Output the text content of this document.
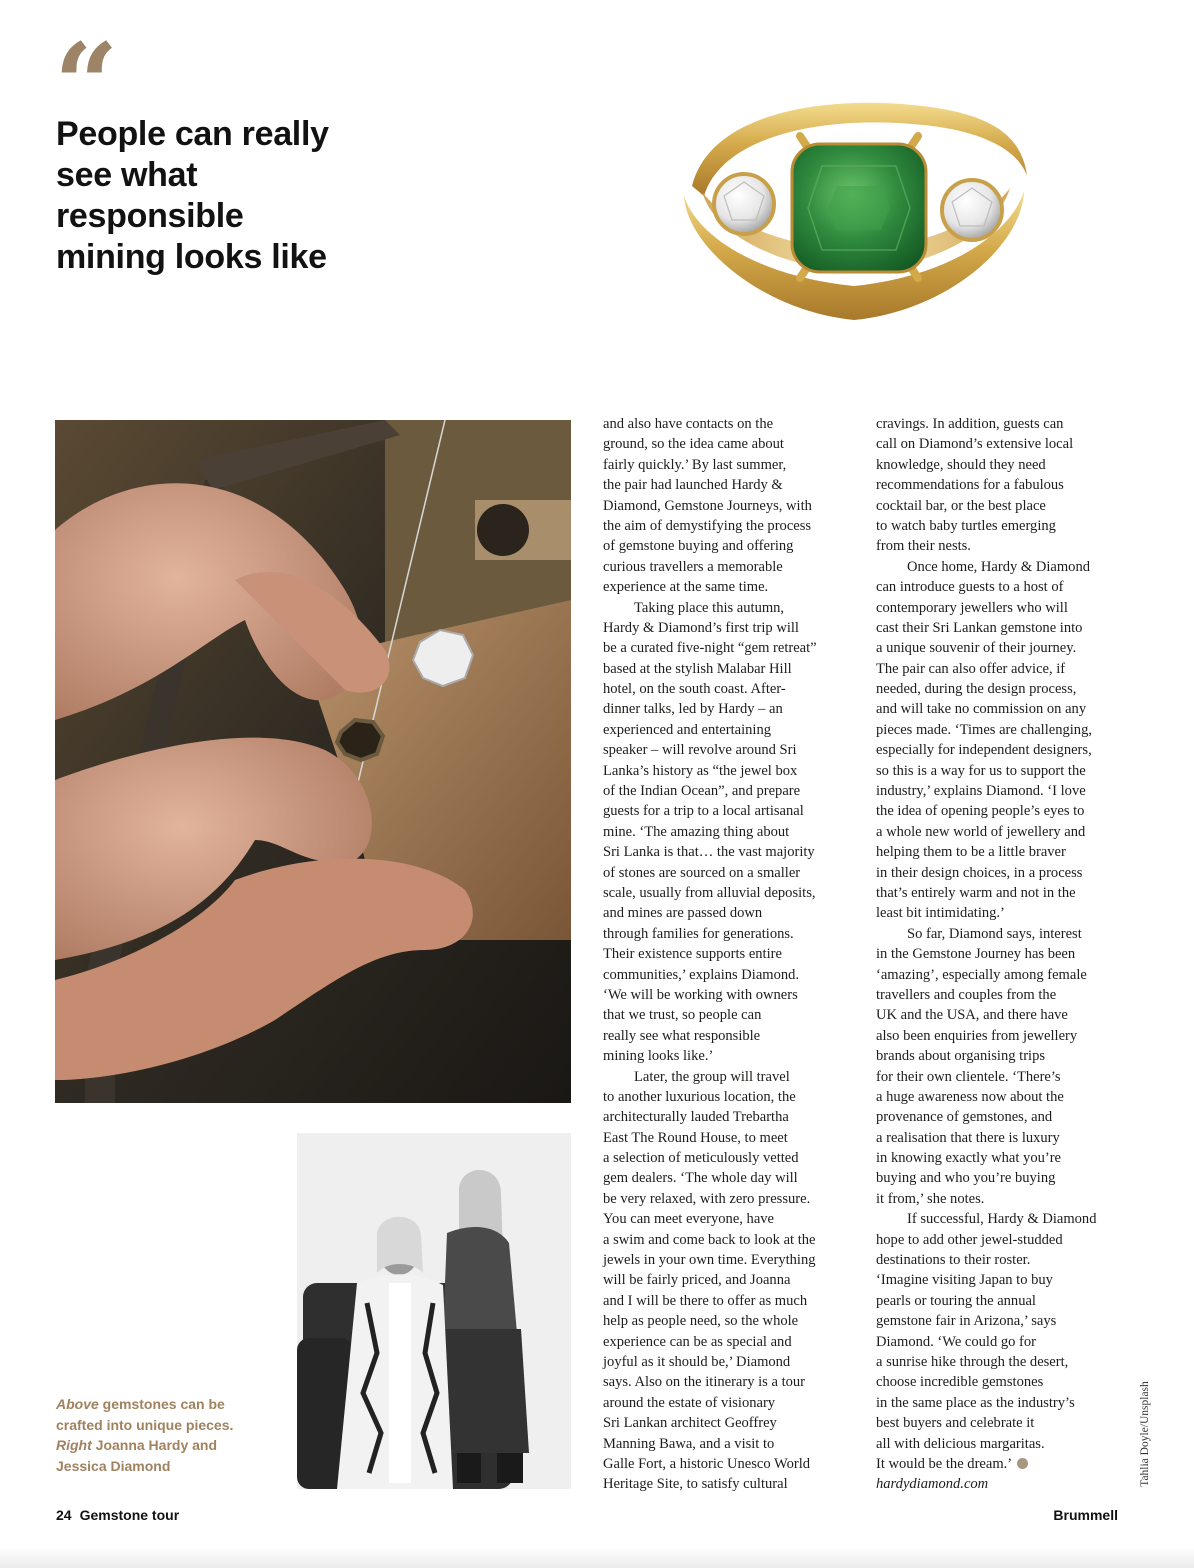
“
People can really see what responsible mining looks like

Above gemstones can be crafted into unique pieces. Right Joanna Hardy and Jessica Diamond

and also have contacts on the
ground, so the idea came about
fairly quickly.’ By last summer,
the pair had launched Hardy &
Diamond, Gemstone Journeys, with
the aim of demystifying the process
of gemstone buying and offering
curious travellers a memorable
experience at the same time.
Taking place this autumn,
Hardy & Diamond’s first trip will
be a curated five-night “gem retreat”
based at the stylish Malabar Hill
hotel, on the south coast. After-
dinner talks, led by Hardy – an
experienced and entertaining
speaker – will revolve around Sri
Lanka’s history as “the jewel box
of the Indian Ocean”, and prepare
guests for a trip to a local artisanal
mine. ‘The amazing thing about
Sri Lanka is that… the vast majority
of stones are sourced on a smaller
scale, usually from alluvial deposits,
and mines are passed down
through families for generations.
Their existence supports entire
communities,’ explains Diamond.
‘We will be working with owners
that we trust, so people can
really see what responsible
mining looks like.’
Later, the group will travel
to another luxurious location, the
architecturally lauded Trebartha
East The Round House, to meet
a selection of meticulously vetted
gem dealers. ‘The whole day will
be very relaxed, with zero pressure.
You can meet everyone, have
a swim and come back to look at the
jewels in your own time. Everything
will be fairly priced, and Joanna
and I will be there to offer as much
help as people need, so the whole
experience can be as special and
joyful as it should be,’ Diamond
says. Also on the itinerary is a tour
around the estate of visionary
Sri Lankan architect Geoffrey
Manning Bawa, and a visit to
Galle Fort, a historic Unesco World
Heritage Site, to satisfy cultural
cravings. In addition, guests can
call on Diamond’s extensive local
knowledge, should they need
recommendations for a fabulous
cocktail bar, or the best place
to watch baby turtles emerging
from their nests.
Once home, Hardy & Diamond
can introduce guests to a host of
contemporary jewellers who will
cast their Sri Lankan gemstone into
a unique souvenir of their journey.
The pair can also offer advice, if
needed, during the design process,
and will take no commission on any
pieces made. ‘Times are challenging,
especially for independent designers,
so this is a way for us to support the
industry,’ explains Diamond. ‘I love
the idea of opening people’s eyes to
a whole new world of jewellery and
helping them to be a little braver
in their design choices, in a process
that’s entirely warm and not in the
least bit intimidating.’
So far, Diamond says, interest
in the Gemstone Journey has been
‘amazing’, especially among female
travellers and couples from the
UK and the USA, and there have
also been enquiries from jewellery
brands about organising trips
for their own clientele. ‘There’s
a huge awareness now about the
provenance of gemstones, and
a realisation that there is luxury
in knowing exactly what you’re
buying and who you’re buying
it from,’ she notes.
If successful, Hardy & Diamond
hope to add other jewel-studded
destinations to their roster.
‘Imagine visiting Japan to buy
pearls or touring the annual
gemstone fair in Arizona,’ says
Diamond. ‘We could go for
a sunrise hike through the desert,
choose incredible gemstones
in the same place as the industry’s
best buyers and celebrate it
all with delicious margaritas.
It would be the dream.’
hardydiamond.com	Tahlia Doyle/Unsplash
24 Gemstone tour	Brummell
